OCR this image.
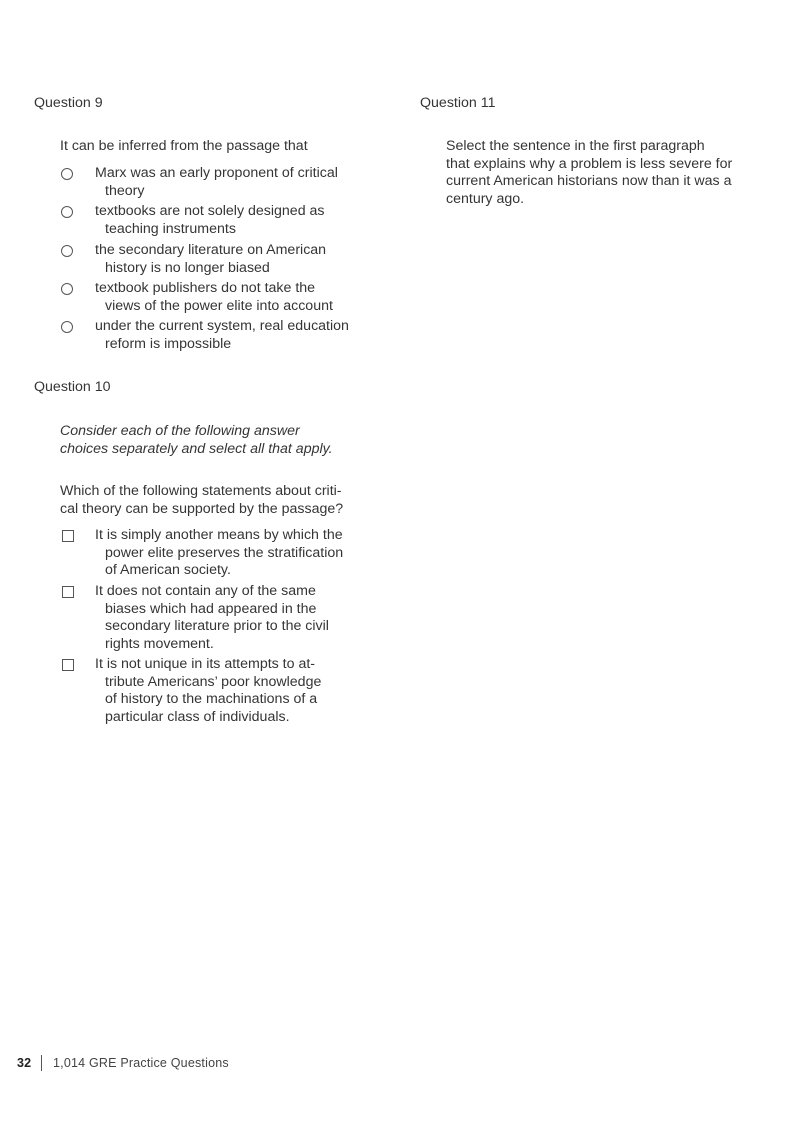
Question 9
It can be inferred from the passage that
Marx was an early proponent of critical
theory
textbooks are not solely designed as
teaching instruments
the secondary literature on American
history is no longer biased
textbook publishers do not take the
views of the power elite into account
under the current system, real education
reform is impossible
Question 10
Consider each of the following answer
choices separately and select all that apply.
Which of the following statements about criti-
cal theory can be supported by the passage?
It is simply another means by which the
power elite preserves the stratification
of American society.
It does not contain any of the same
biases which had appeared in the
secondary literature prior to the civil
rights movement.
It is not unique in its attempts to at-
tribute Americans’ poor knowledge
of history to the machinations of a
particular class of individuals.
Question 11
Select the sentence in the first paragraph
that explains why a problem is less severe for
current American historians now than it was a
century ago.
32 1,014 GRE Practice Questions
